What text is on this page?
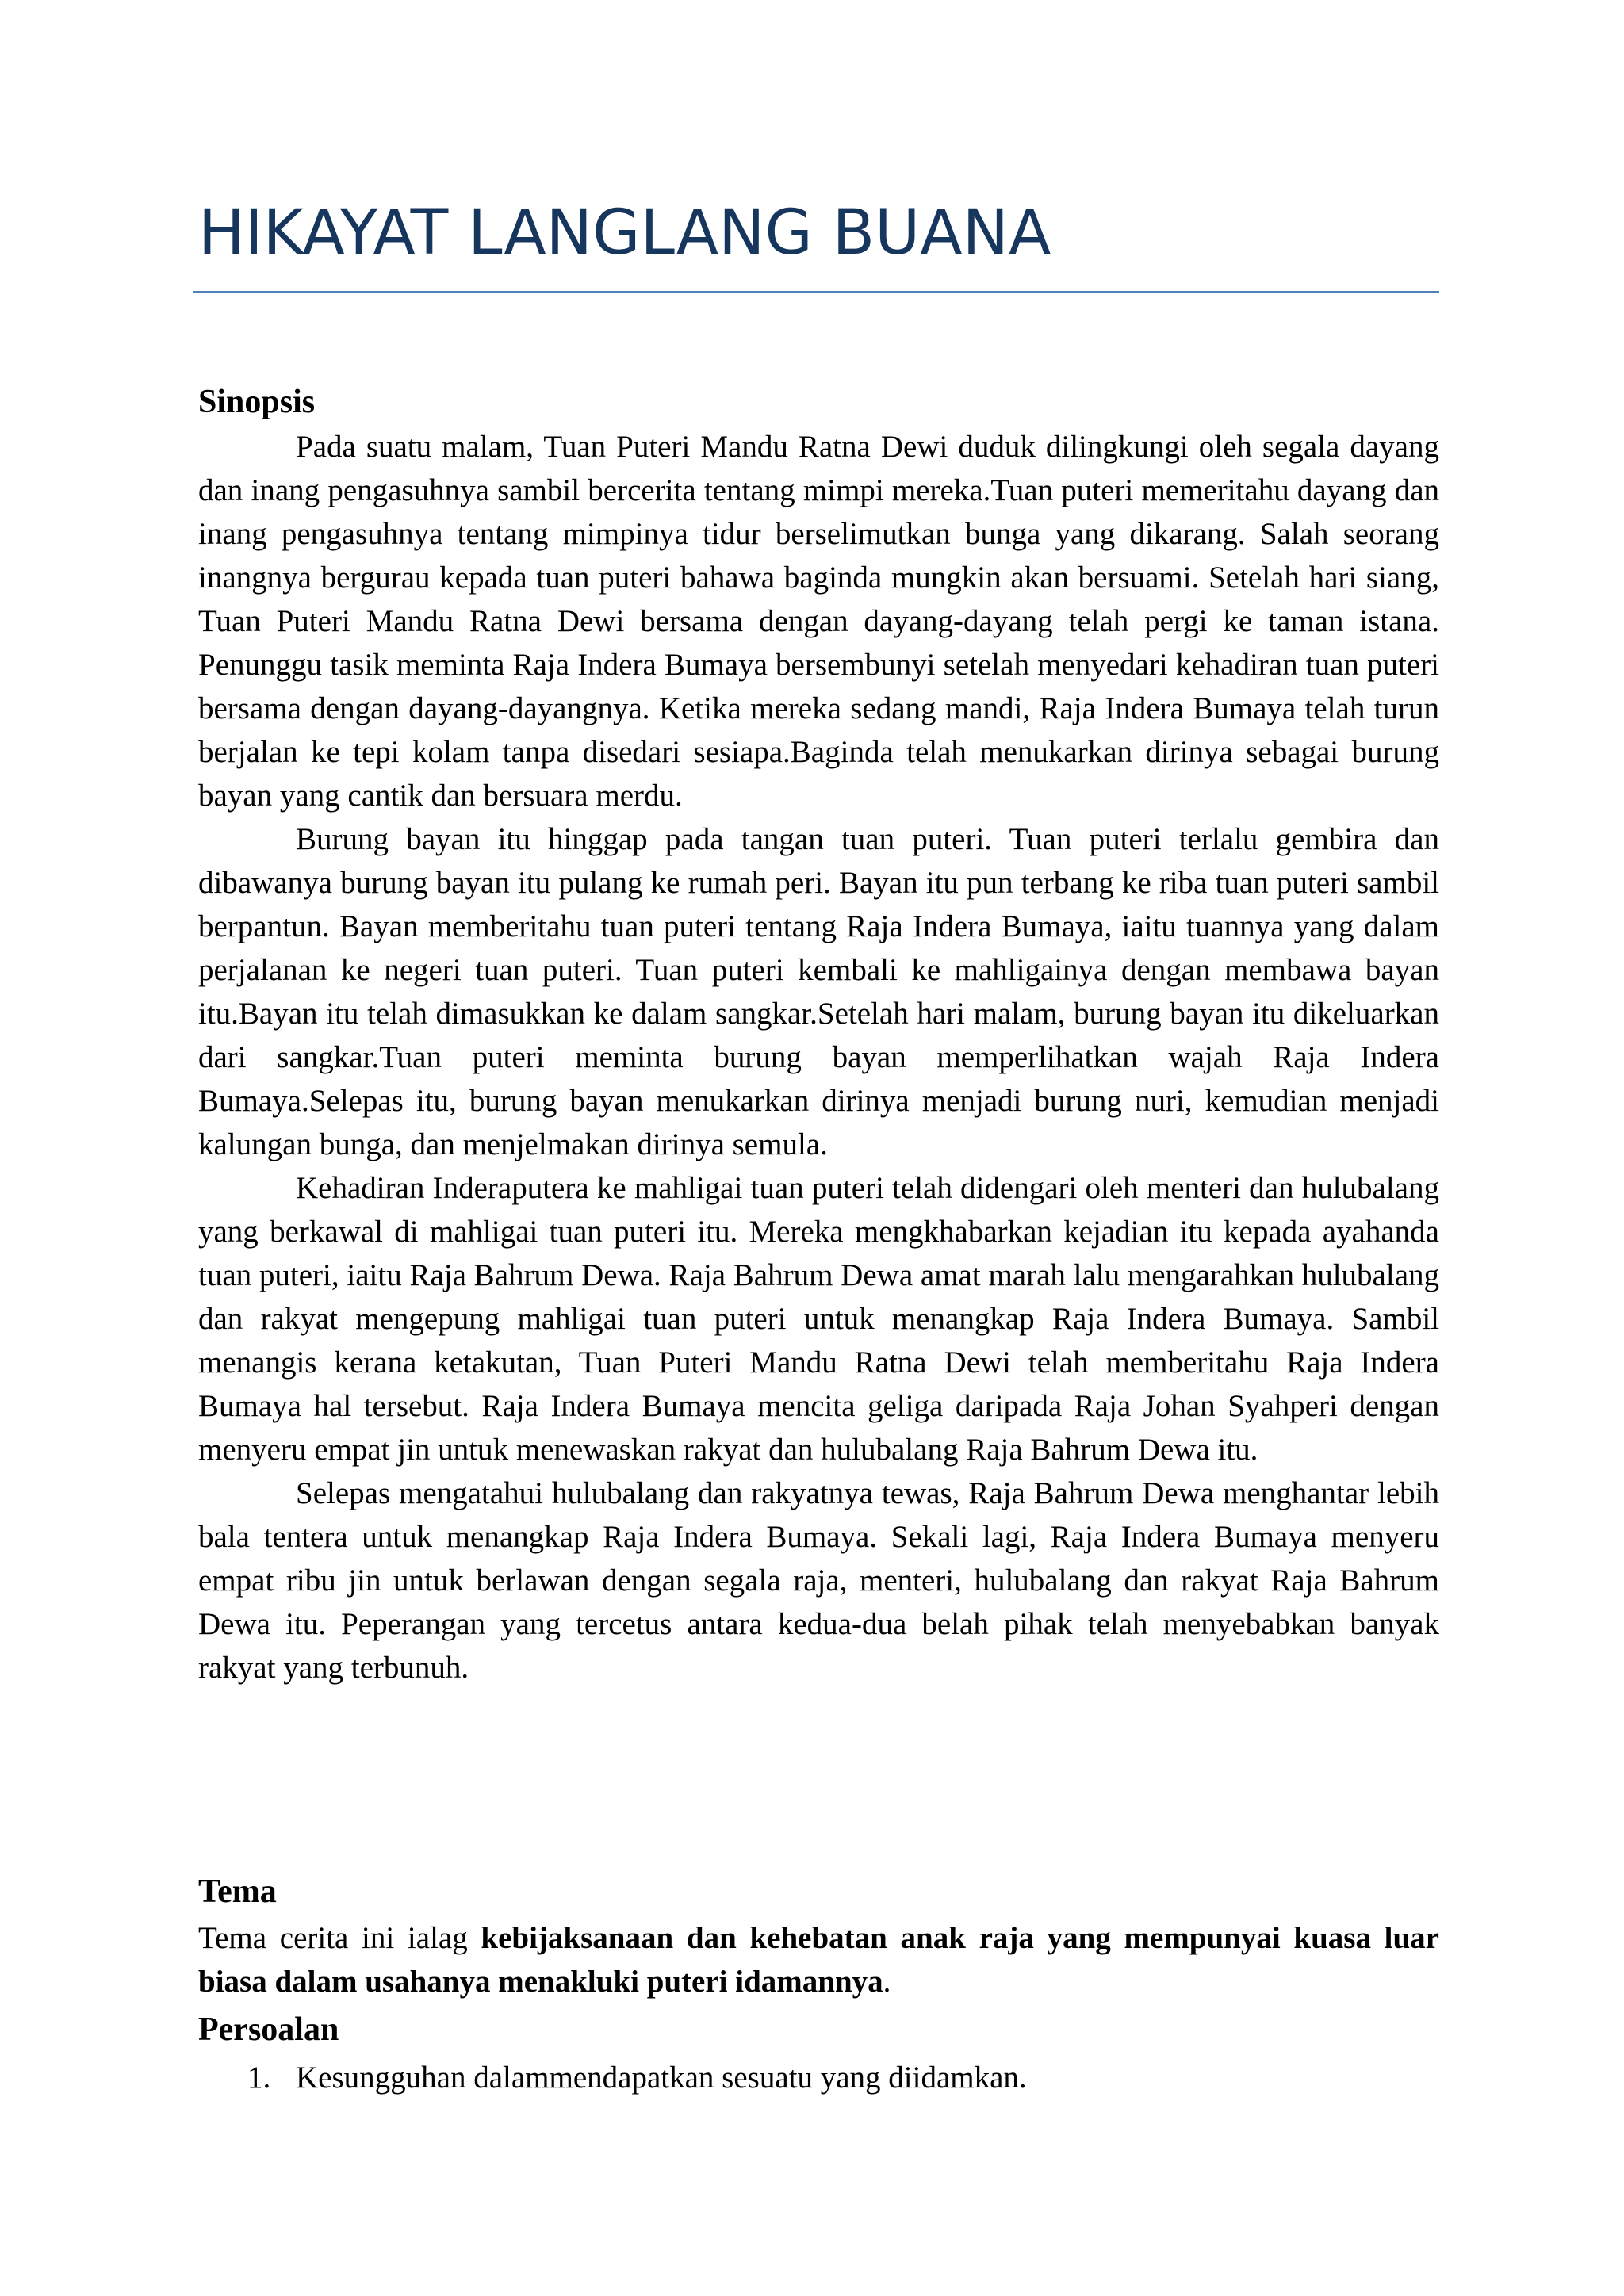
HIKAYAT LANGLANG BUANA
Sinopsis

Pada suatu malam, Tuan Puteri Mandu Ratna Dewi duduk dilingkungi oleh segala dayang dan inang pengasuhnya sambil bercerita tentang mimpi mereka.Tuan puteri memeritahu dayang dan inang pengasuhnya tentang mimpinya tidur berselimutkan bunga yang dikarang. Salah seorang inangnya bergurau kepada tuan puteri bahawa baginda mungkin akan bersuami. Setelah hari siang, Tuan Puteri Mandu Ratna Dewi bersama dengan dayang-dayang telah pergi ke taman istana. Penunggu tasik meminta Raja Indera Bumaya bersembunyi setelah menyedari kehadiran tuan puteri bersama dengan dayang-dayangnya. Ketika mereka sedang mandi, Raja Indera Bumaya telah turun berjalan ke tepi kolam tanpa disedari sesiapa.Baginda telah menukarkan dirinya sebagai burung bayan yang cantik dan bersuara merdu.

Burung bayan itu hinggap pada tangan tuan puteri. Tuan puteri terlalu gembira dan dibawanya burung bayan itu pulang ke rumah peri. Bayan itu pun terbang ke riba tuan puteri sambil berpantun. Bayan memberitahu tuan puteri tentang Raja Indera Bumaya, iaitu tuannya yang dalam perjalanan ke negeri tuan puteri. Tuan puteri kembali ke mahligainya dengan membawa bayan itu.Bayan itu telah dimasukkan ke dalam sangkar.Setelah hari malam, burung bayan itu dikeluarkan dari sangkar.Tuan puteri meminta burung bayan memperlihatkan wajah Raja Indera Bumaya.Selepas itu, burung bayan menukarkan dirinya menjadi burung nuri, kemudian menjadi kalungan bunga, dan menjelmakan dirinya semula.

Kehadiran Inderaputera ke mahligai tuan puteri telah didengari oleh menteri dan hulubalang yang berkawal di mahligai tuan puteri itu. Mereka mengkhabarkan kejadian itu kepada ayahanda tuan puteri, iaitu Raja Bahrum Dewa. Raja Bahrum Dewa amat marah lalu mengarahkan hulubalang dan rakyat mengepung mahligai tuan puteri untuk menangkap Raja Indera Bumaya. Sambil menangis kerana ketakutan, Tuan Puteri Mandu Ratna Dewi telah memberitahu Raja Indera Bumaya hal tersebut. Raja Indera Bumaya mencita geliga daripada Raja Johan Syahperi dengan menyeru empat jin untuk menewaskan rakyat dan hulubalang Raja Bahrum Dewa itu.

Selepas mengatahui hulubalang dan rakyatnya tewas, Raja Bahrum Dewa menghantar lebih bala tentera untuk menangkap Raja Indera Bumaya. Sekali lagi, Raja Indera Bumaya menyeru empat ribu jin untuk berlawan dengan segala raja, menteri, hulubalang dan rakyat Raja Bahrum Dewa itu. Peperangan yang tercetus antara kedua-dua belah pihak telah menyebabkan banyak rakyat yang terbunuh.

Tema

Tema cerita ini ialag kebijaksanaan dan kehebatan anak raja yang mempunyai kuasa luar biasa dalam usahanya menakluki puteri idamannya.

Persoalan
1. Kesungguhan dalammendapatkan sesuatu yang diidamkan.
